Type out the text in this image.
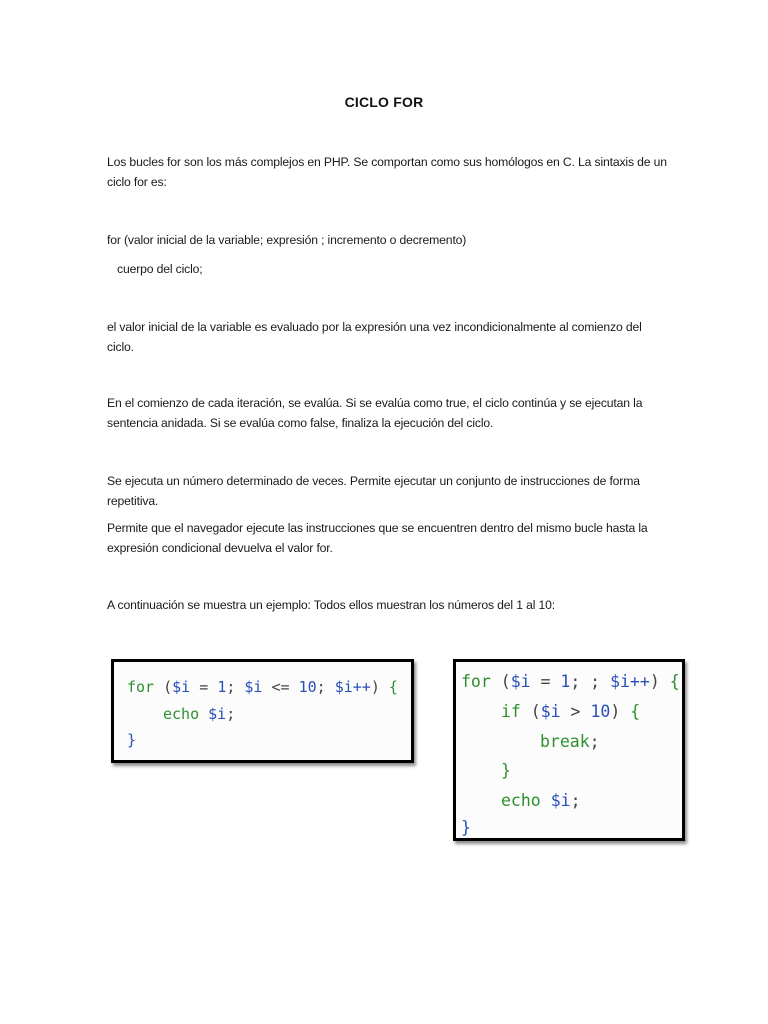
CICLO FOR
Los bucles for son los más complejos en PHP. Se comportan como sus homólogos en C. La sintaxis de un ciclo for es:
for (valor inicial de la variable; expresión ; incremento o decremento)
cuerpo del ciclo;
el valor inicial de la variable es evaluado por la expresión una vez incondicionalmente al comienzo del ciclo.
En el comienzo de cada iteración, se evalúa. Si se evalúa como true, el ciclo continúa y se ejecutan la sentencia anidada. Si se evalúa como false, finaliza la ejecución del ciclo.
Se ejecuta un número determinado de veces. Permite ejecutar un conjunto de instrucciones de forma repetitiva.
Permite que el navegador ejecute las instrucciones que se encuentren dentro del mismo bucle hasta la expresión condicional devuelva el valor for.
A continuación se muestra un ejemplo: Todos ellos muestran los números del 1 al 10:
for ($i = 1; $i <= 10; $i++) {
echo $i;
}
for ($i = 1; ; $i++) {
if ($i > 10) {
break;
}
echo $i;
}
